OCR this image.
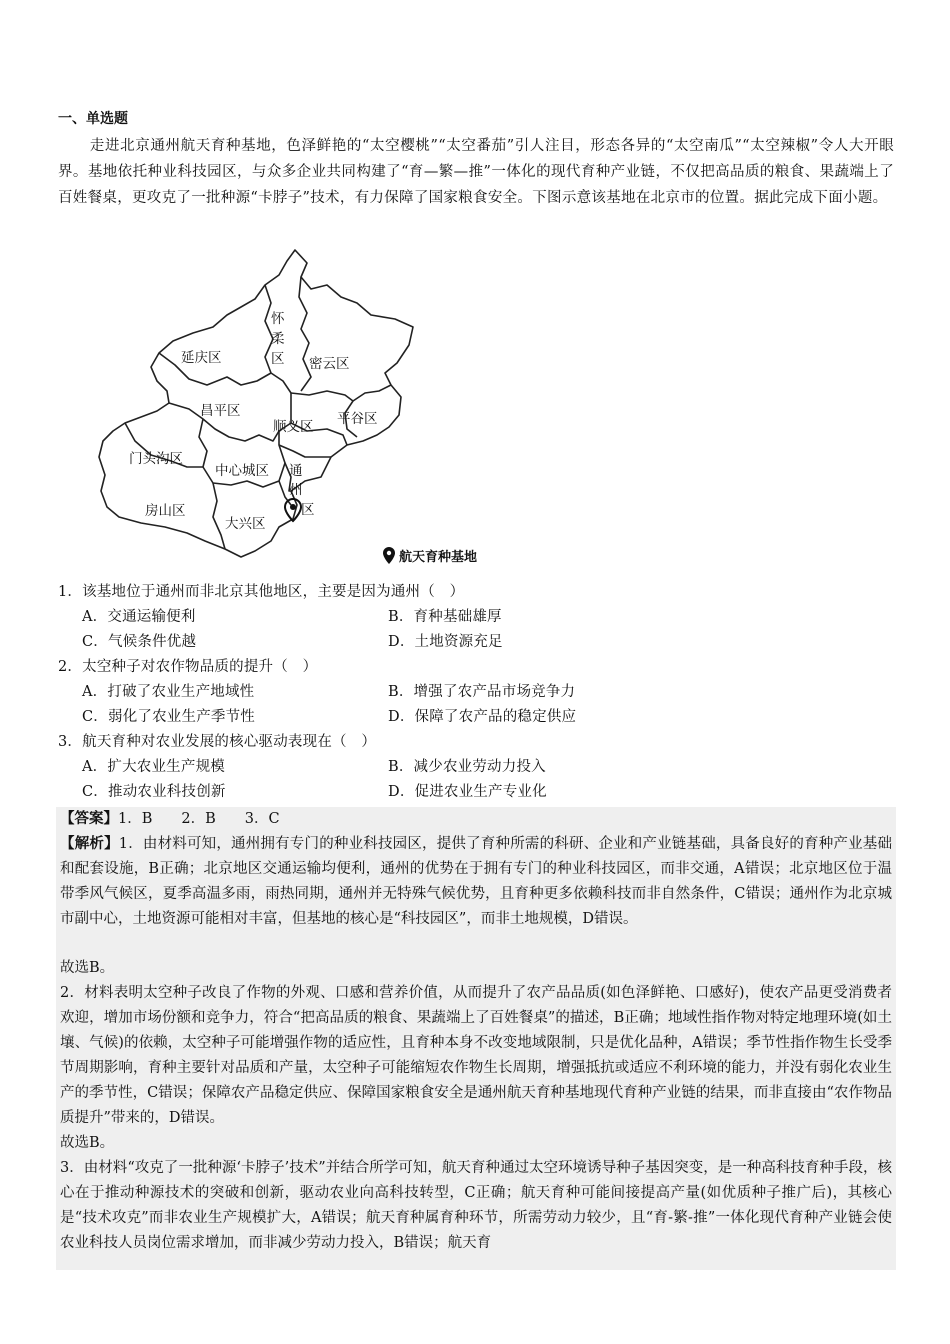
一、单选题
走进北京通州航天育种基地，色泽鲜艳的“太空樱桃”“太空番茄”引人注目，形态各异的“太空南瓜”“太空辣椒”令人大开眼界。基地依托种业科技园区，与众多企业共同构建了“育—繁—推”一体化的现代育种产业链，不仅把高品质的粮食、果蔬端上了百姓餐桌，更攻克了一批种源“卡脖子”技术，有力保障了国家粮食安全。下图示意该基地在北京市的位置。据此完成下面小题。
怀
柔
区
延庆区	密云区
昌平区	平谷区
顺义区
门头沟区
中心城区 通
州
区
房山区
大兴区
航天育种基地
1．该基地位于通州而非北京其他地区，主要是因为通州（　）
A．交通运输便利	B．育种基础雄厚
C．气候条件优越	D．土地资源充足
2．太空种子对农作物品质的提升（　）
A．打破了农业生产地域性	B．增强了农产品市场竞争力
C．弱化了农业生产季节性	D．保障了农产品的稳定供应
3．航天育种对农业发展的核心驱动表现在（　）
A．扩大农业生产规模	B．减少农业劳动力投入
C．推动农业科技创新	D．促进农业生产专业化
【答案】1．B　　2．B　　3．C
【解析】1．由材料可知，通州拥有专门的种业科技园区，提供了育种所需的科研、企业和产业链基础，具备良好的育种产业基础和配套设施，B正确；北京地区交通运输均便利，通州的优势在于拥有专门的种业科技园区，而非交通，A错误；北京地区位于温带季风气候区，夏季高温多雨，雨热同期，通州并无特殊气候优势，且育种更多依赖科技而非自然条件，C错误；通州作为北京城市副中心，土地资源可能相对丰富，但基地的核心是“科技园区”，而非土地规模，D错误。
故选B。
2．材料表明太空种子改良了作物的外观、口感和营养价值，从而提升了农产品品质(如色泽鲜艳、口感好)，使农产品更受消费者欢迎，增加市场份额和竞争力，符合“把高品质的粮食、果蔬端上了百姓餐桌”的描述，B正确；地域性指作物对特定地理环境(如土壤、气候)的依赖，太空种子可能增强作物的适应性，且育种本身不改变地域限制，只是优化品种，A错误；季节性指作物生长受季节周期影响，育种主要针对品质和产量，太空种子可能缩短农作物生长周期，增强抵抗或适应不利环境的能力，并没有弱化农业生产的季节性，C错误；保障农产品稳定供应、保障国家粮食安全是通州航天育种基地现代育种产业链的结果，而非直接由“农作物品质提升”带来的，D错误。
故选B。
3．由材料“攻克了一批种源‘卡脖子’技术”并结合所学可知，航天育种通过太空环境诱导种子基因突变，是一种高科技育种手段，核心在于推动种源技术的突破和创新，驱动农业向高科技转型，C正确；航天育种可能间接提高产量(如优质种子推广后)，其核心是“技术攻克”而非农业生产规模扩大，A错误；航天育种属育种环节，所需劳动力较少，且“育-繁-推”一体化现代育种产业链会使农业科技人员岗位需求增加，而非减少劳动力投入，B错误；航天育
